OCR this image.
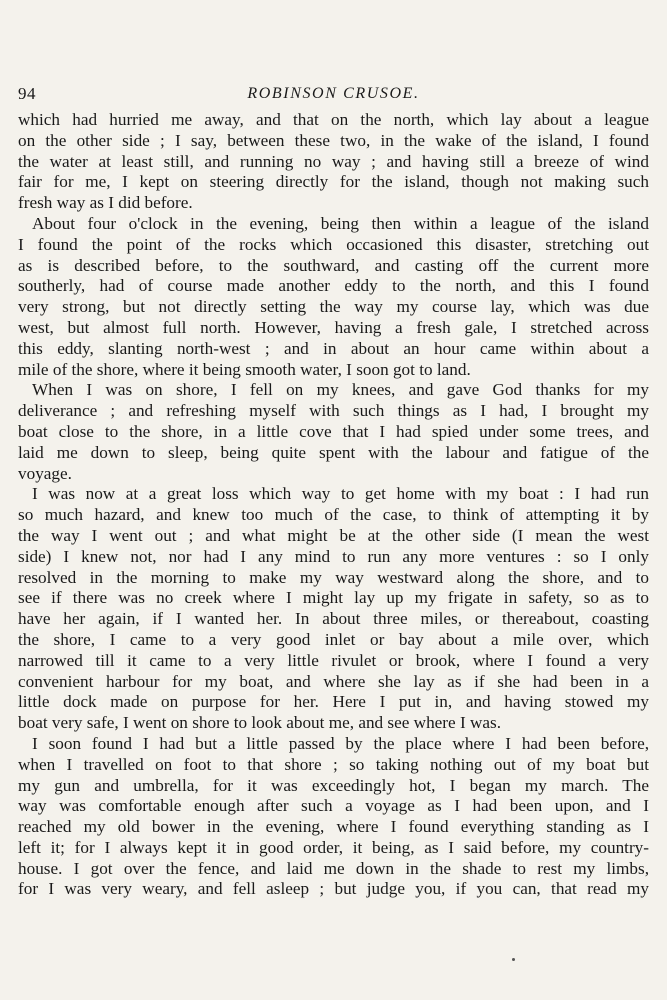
94	ROBINSON CRUSOE.
which had hurried me away, and that on the north, which lay about a league
on the other side ; I say, between these two, in the wake of the island, I found
the water at least still, and running no way ; and having still a breeze of wind
fair for me, I kept on steering directly for the island, though not making such
fresh way as I did before.
About four o'clock in the evening, being then within a league of the island
I found the point of the rocks which occasioned this disaster, stretching out
as is described before, to the southward, and casting off the current more
southerly, had of course made another eddy to the north, and this I found
very strong, but not directly setting the way my course lay, which was due
west, but almost full north. However, having a fresh gale, I stretched across
this eddy, slanting north-west ; and in about an hour came within about a
mile of the shore, where it being smooth water, I soon got to land.
When I was on shore, I fell on my knees, and gave God thanks for my
deliverance ; and refreshing myself with such things as I had, I brought my
boat close to the shore, in a little cove that I had spied under some trees, and
laid me down to sleep, being quite spent with the labour and fatigue of the
voyage.
I was now at a great loss which way to get home with my boat : I had run
so much hazard, and knew too much of the case, to think of attempting it by
the way I went out ; and what might be at the other side (I mean the west
side) I knew not, nor had I any mind to run any more ventures : so I only
resolved in the morning to make my way westward along the shore, and to
see if there was no creek where I might lay up my frigate in safety, so as to
have her again, if I wanted her. In about three miles, or thereabout, coasting
the shore, I came to a very good inlet or bay about a mile over, which
narrowed till it came to a very little rivulet or brook, where I found a very
convenient harbour for my boat, and where she lay as if she had been in a
little dock made on purpose for her. Here I put in, and having stowed my
boat very safe, I went on shore to look about me, and see where I was.
I soon found I had but a little passed by the place where I had been before,
when I travelled on foot to that shore ; so taking nothing out of my boat but
my gun and umbrella, for it was exceedingly hot, I began my march. The
way was comfortable enough after such a voyage as I had been upon, and I
reached my old bower in the evening, where I found everything standing as I
left it; for I always kept it in good order, it being, as I said before, my country-
house. I got over the fence, and laid me down in the shade to rest my limbs,
for I was very weary, and fell asleep ; but judge you, if you can, that read my
